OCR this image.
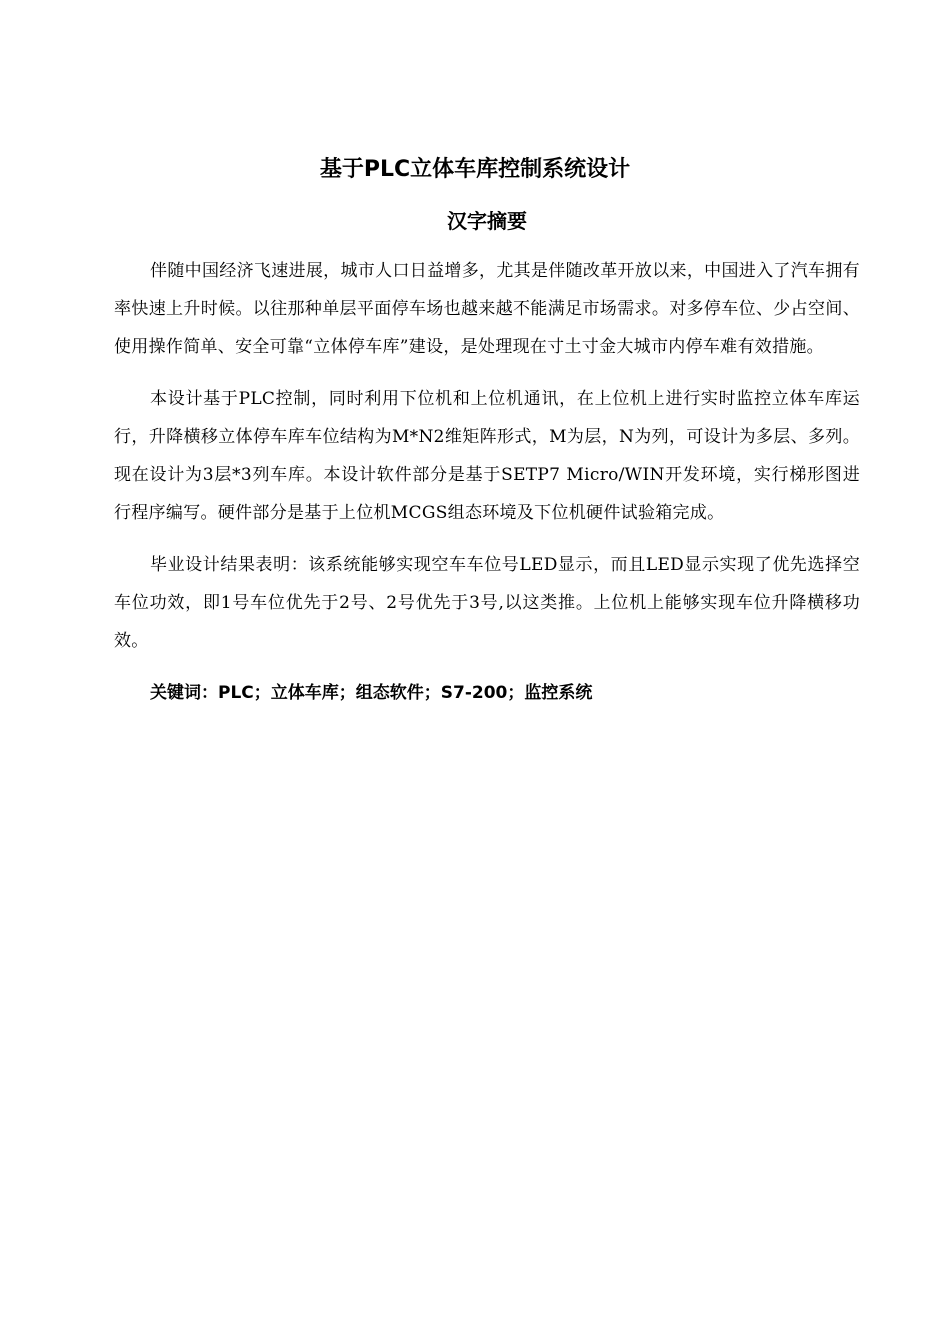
基于PLC立体车库控制系统设计
汉字摘要

伴随中国经济飞速进展，城市人口日益增多，尤其是伴随改革开放以来，中国进入了汽车拥有率快速上升时候。以往那种单层平面停车场也越来越不能满足市场需求。对多停车位、少占空间、使用操作简单、安全可靠“立体停车库”建设，是处理现在寸土寸金大城市内停车难有效措施。

本设计基于PLC控制，同时利用下位机和上位机通讯，在上位机上进行实时监控立体车库运行，升降横移立体停车库车位结构为M*N2维矩阵形式，M为层，N为列，可设计为多层、多列。现在设计为3层*3列车库。本设计软件部分是基于SETP7 Micro/WIN开发环境，实行梯形图进行程序编写。硬件部分是基于上位机MCGS组态环境及下位机硬件试验箱完成。

毕业设计结果表明：该系统能够实现空车车位号LED显示，而且LED显示实现了优先选择空车位功效，即1号车位优先于2号、2号优先于3号,以这类推。上位机上能够实现车位升降横移功效。

关键词：PLC；立体车库；组态软件；S7-200；监控系统
